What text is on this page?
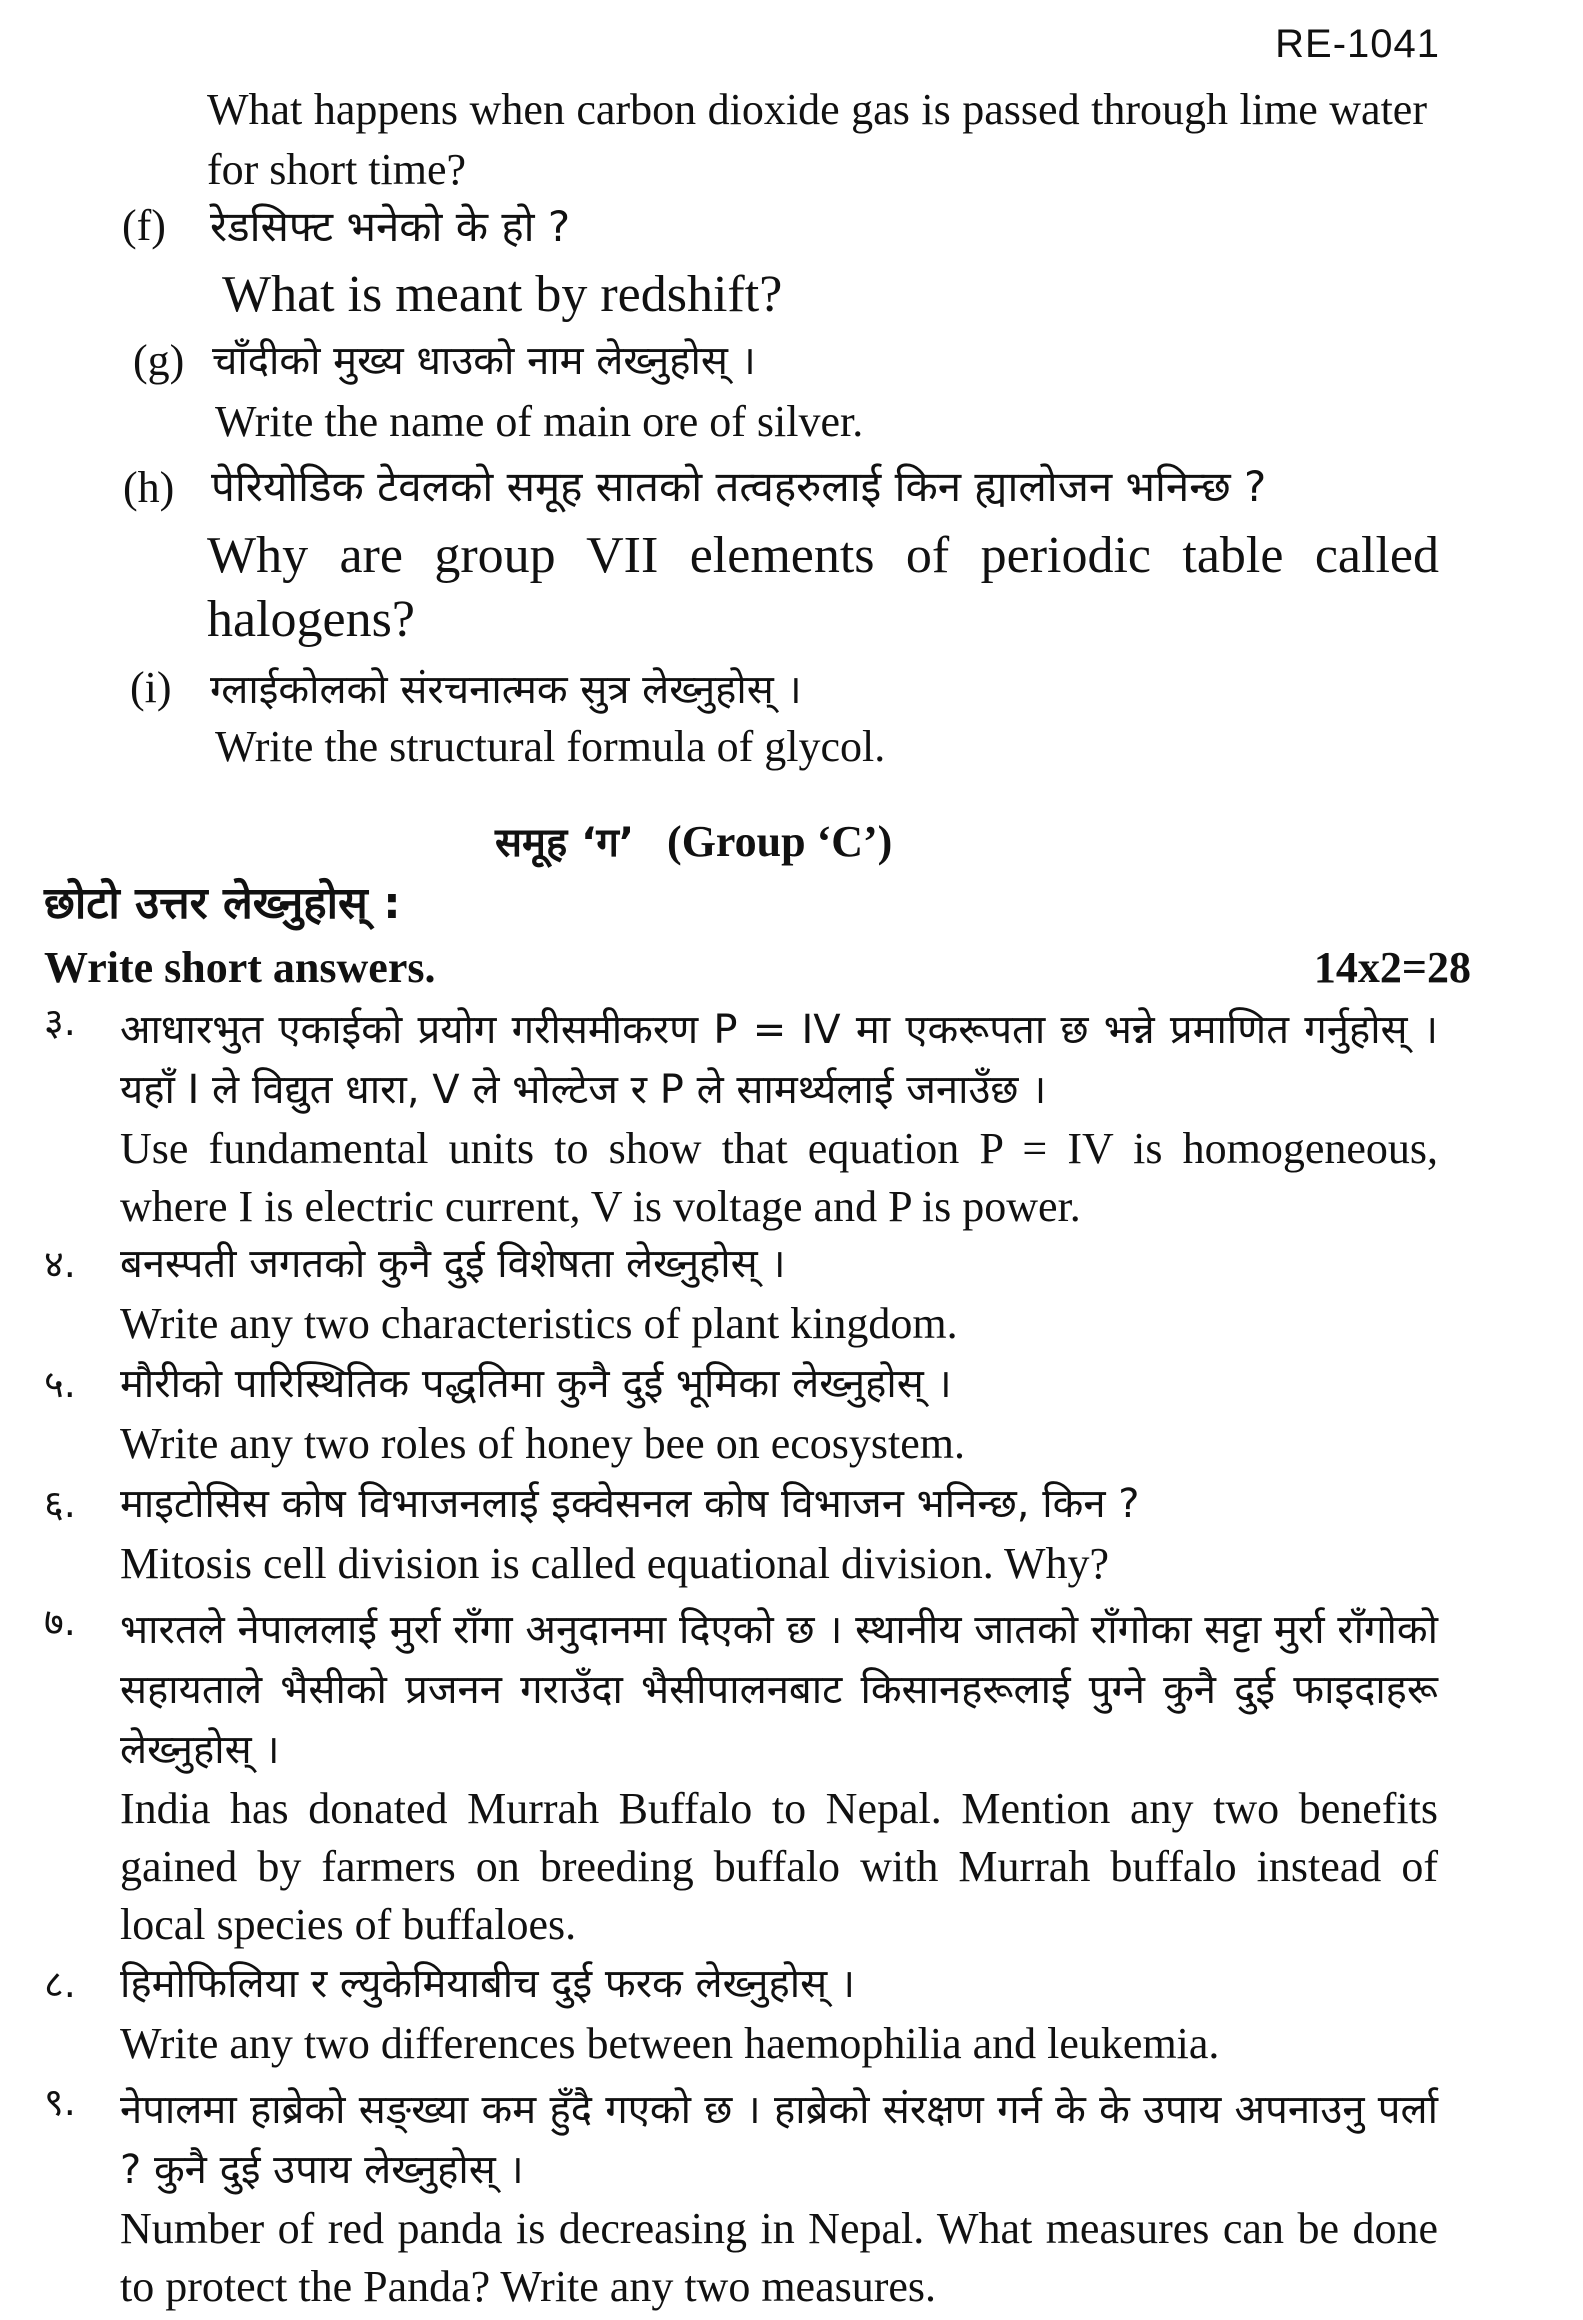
RE-1041
What happens when carbon dioxide gas is passed through lime water for short time?
(f) रेडसिफ्ट भनेको के हो ?
What is meant by redshift?
(g) चाँदीको मुख्य धाउको नाम लेख्नुहोस् ।
Write the name of main ore of silver.
(h) पेरियोडिक टेवलको समूह सातको तत्वहरुलाई किन ह्यालोजन भनिन्छ ?
Why are group VII elements of periodic table called halogens?
(i) ग्लाईकोलको संरचनात्मक सुत्र लेख्नुहोस् ।
Write the structural formula of glycol.
समूह ‘ग’ (Group ‘C’)
छोटो उत्तर लेख्नुहोस् :
Write short answers.	14x2=28
३. आधारभुत एकाईको प्रयोग गरीसमीकरण P = IV मा एकरूपता छ भन्ने प्रमाणित गर्नुहोस् । यहाँ I ले विद्युत धारा, V ले भोल्टेज र P ले सामर्थ्यलाई जनाउँछ ।
Use fundamental units to show that equation P = IV is homogeneous, where I is electric current, V is voltage and P is power.
४. बनस्पती जगतको कुनै दुई विशेषता लेख्नुहोस् ।
Write any two characteristics of plant kingdom.
५. मौरीको पारिस्थितिक पद्धतिमा कुनै दुई भूमिका लेख्नुहोस् ।
Write any two roles of honey bee on ecosystem.
६. माइटोसिस कोष विभाजनलाई इक्वेसनल कोष विभाजन भनिन्छ, किन ?
Mitosis cell division is called equational division. Why?
७. भारतले नेपाललाई मुर्रा राँगा अनुदानमा दिएको छ । स्थानीय जातको राँगोका सट्टा मुर्रा राँगोको सहायताले भैसीको प्रजनन गराउँदा भैसीपालनबाट किसानहरूलाई पुग्ने कुनै दुई फाइदाहरू लेख्नुहोस् ।
India has donated Murrah Buffalo to Nepal. Mention any two benefits gained by farmers on breeding buffalo with Murrah buffalo instead of local species of buffaloes.
८. हिमोफिलिया र ल्युकेमियाबीच दुई फरक लेख्नुहोस् ।
Write any two differences between haemophilia and leukemia.
९. नेपालमा हाब्रेको सङ्ख्या कम हुँदै गएको छ । हाब्रेको संरक्षण गर्न के के उपाय अपनाउनु पर्ला ? कुनै दुई उपाय लेख्नुहोस् ।
Number of red panda is decreasing in Nepal. What measures can be done to protect the Panda? Write any two measures.
